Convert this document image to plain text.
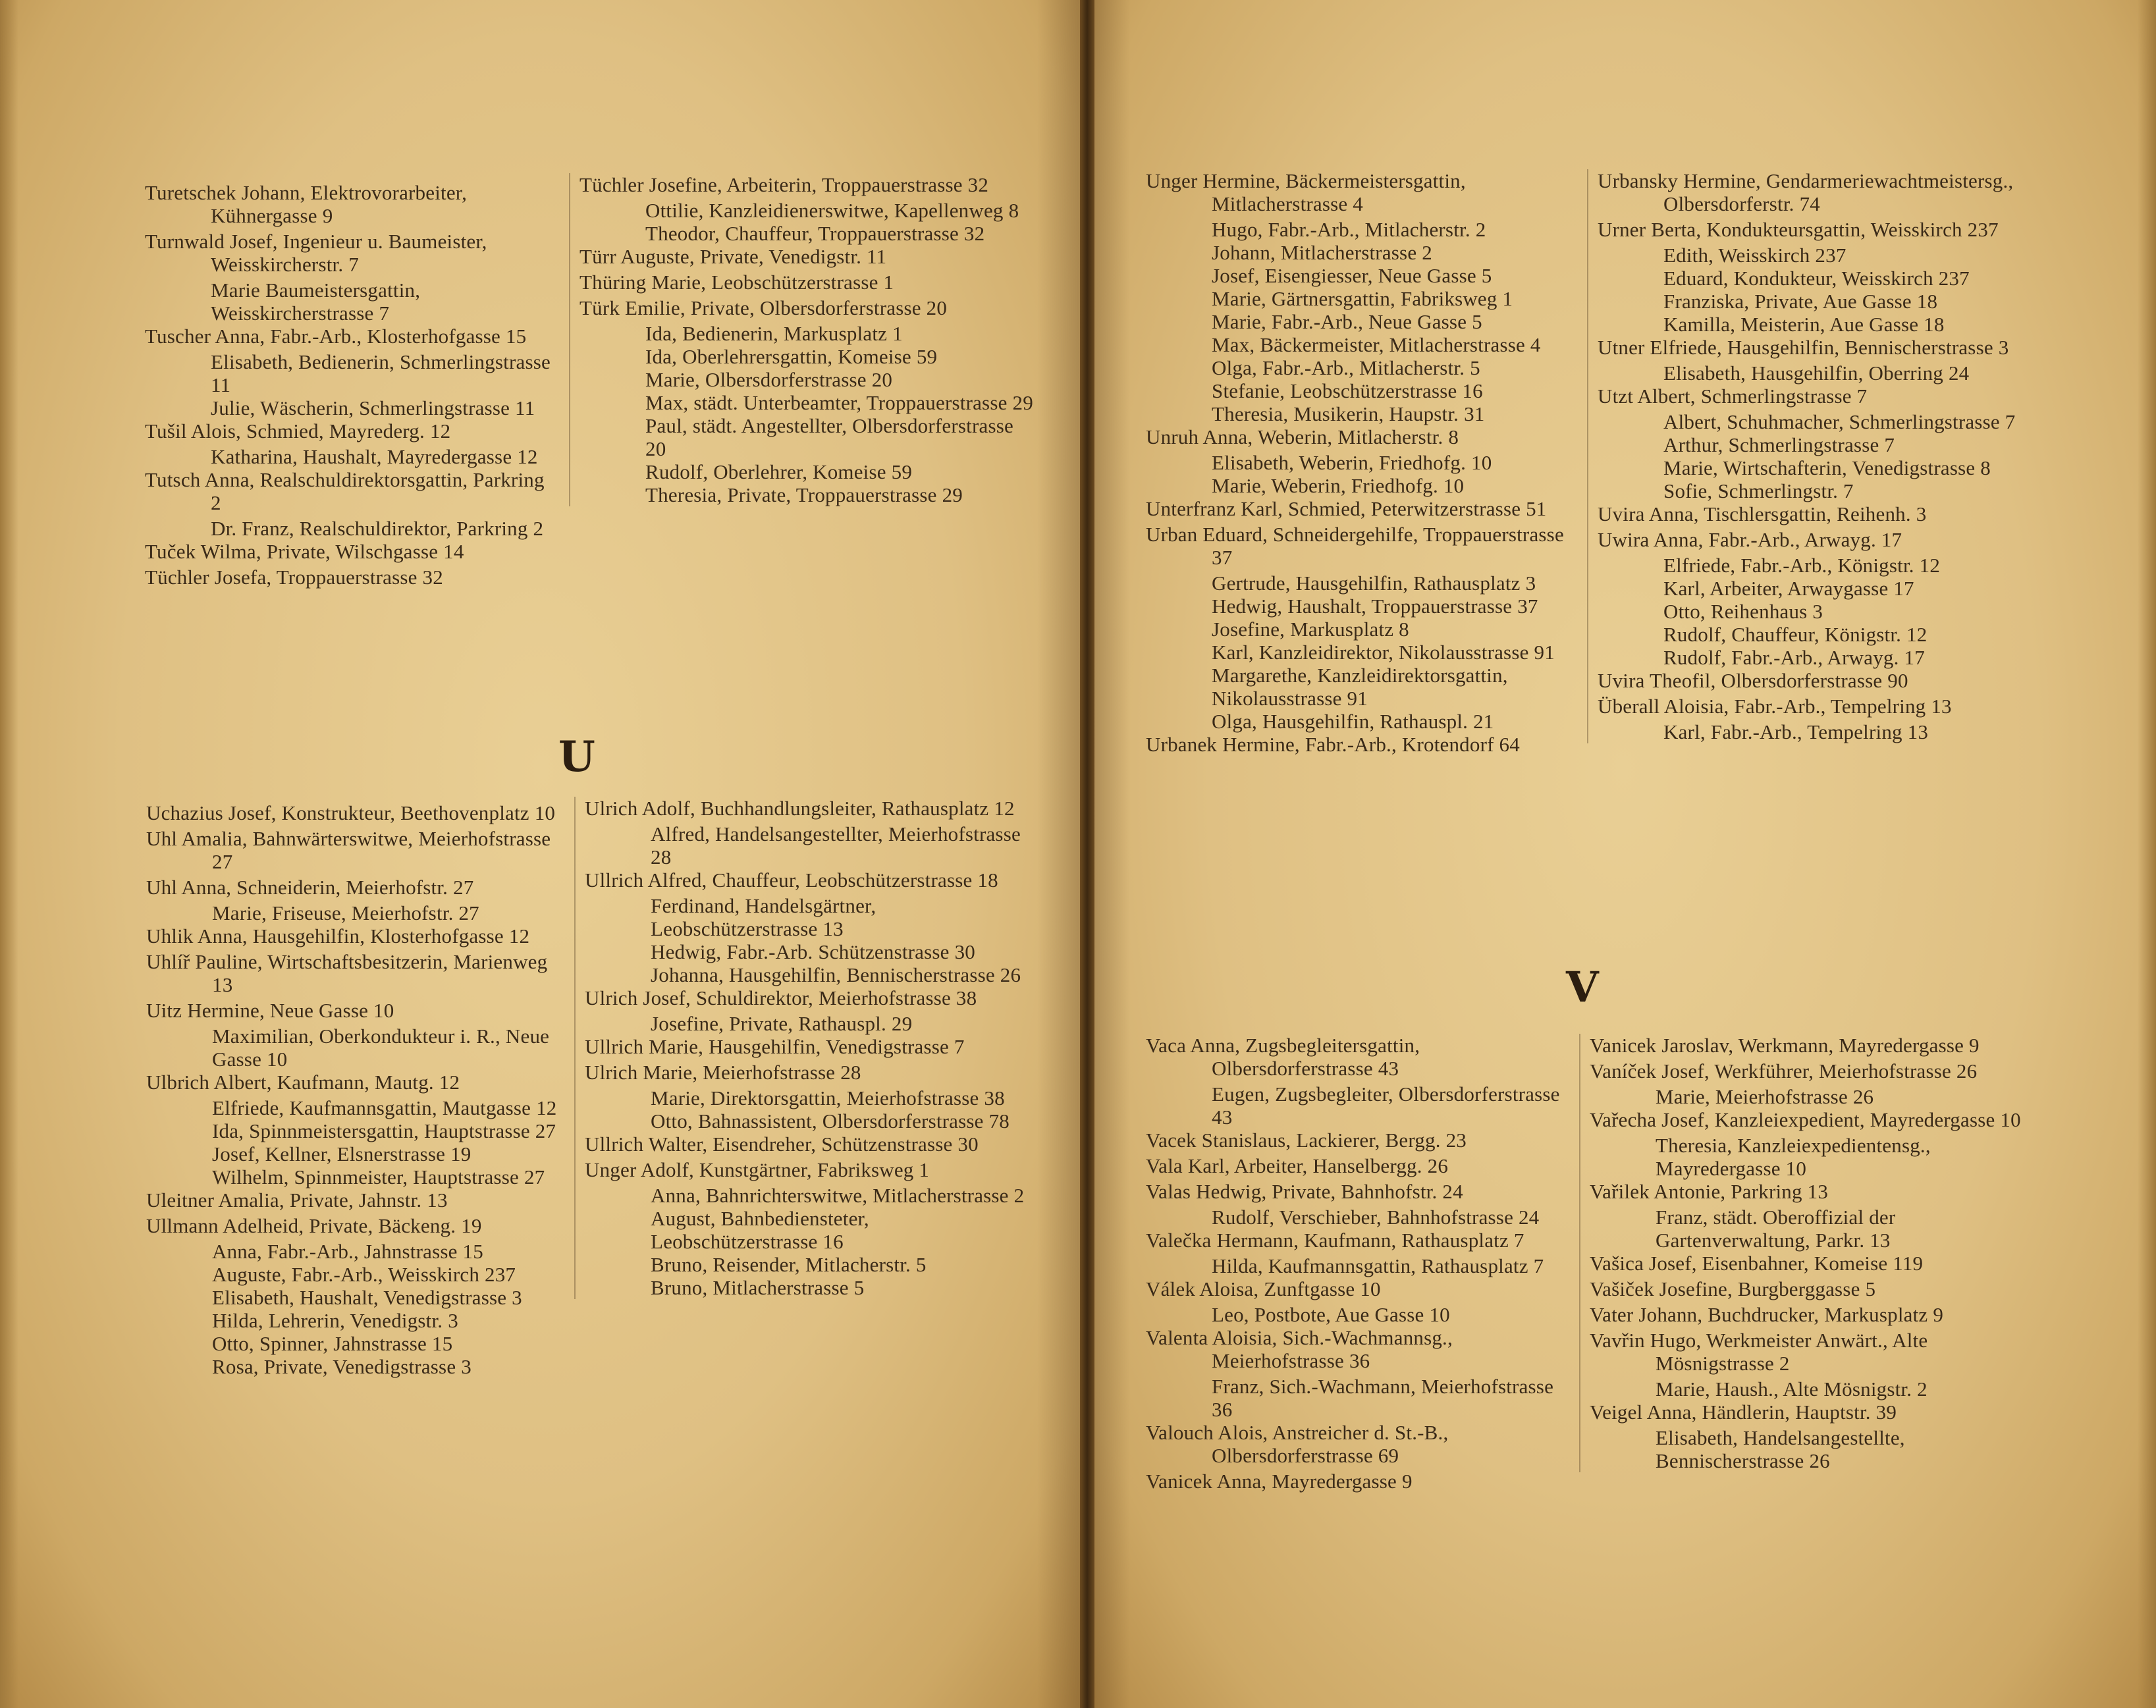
Turetschek Johann, Elektrovorarbeiter, Kühnergasse 9
Turnwald Josef, Ingenieur u. Baumeister, Weisskircherstr. 7
Marie Baumeistersgattin, Weisskircherstrasse 7
Tuscher Anna, Fabr.-Arb., Klosterhofgasse 15
Elisabeth, Bedienerin, Schmerlingstrasse 11
Julie, Wäscherin, Schmerlingstrasse 11
Tušil Alois, Schmied, Mayrederg. 12
Katharina, Haushalt, Mayredergasse 12
Tutsch Anna, Realschuldirektorsgattin, Parkring 2
Dr. Franz, Realschuldirektor, Parkring 2
Tuček Wilma, Private, Wilschgasse 14
Tüchler Josefa, Troppauerstrasse 32
Tüchler Josefine, Arbeiterin, Troppauerstrasse 32
Ottilie, Kanzleidienerswitwe, Kapellenweg 8
Theodor, Chauffeur, Troppauerstrasse 32
Türr Auguste, Private, Venedigstr. 11
Thüring Marie, Leobschützerstrasse 1
Türk Emilie, Private, Olbersdorferstrasse 20
Ida, Bedienerin, Markusplatz 1
Ida, Oberlehrersgattin, Komeise 59
Marie, Olbersdorferstrasse 20
Max, städt. Unterbeamter, Troppauerstrasse 29
Paul, städt. Angestellter, Olbersdorferstrasse 20
Rudolf, Oberlehrer, Komeise 59
Theresia, Private, Troppauerstrasse 29
Unger Hermine, Bäckermeistersgattin, Mitlacherstrasse 4
Hugo, Fabr.-Arb., Mitlacherstr. 2
Johann, Mitlacherstrasse 2
Josef, Eisengiesser, Neue Gasse 5
Marie, Gärtnersgattin, Fabriksweg 1
Marie, Fabr.-Arb., Neue Gasse 5
Max, Bäckermeister, Mitlacherstrasse 4
Olga, Fabr.-Arb., Mitlacherstr. 5
Stefanie, Leobschützerstrasse 16
Theresia, Musikerin, Haupstr. 31
Unruh Anna, Weberin, Mitlacherstr. 8
Elisabeth, Weberin, Friedhofg. 10
Marie, Weberin, Friedhofg. 10
Unterfranz Karl, Schmied, Peterwitzerstrasse 51
Urban Eduard, Schneidergehilfe, Troppauerstrasse 37
Gertrude, Hausgehilfin, Rathausplatz 3
Hedwig, Haushalt, Troppauerstrasse 37
Josefine, Markusplatz 8
Karl, Kanzleidirektor, Nikolausstrasse 91
Margarethe, Kanzleidirektorsgattin, Nikolausstrasse 91
Olga, Hausgehilfin, Rathauspl. 21
Urbanek Hermine, Fabr.-Arb., Krotendorf 64
Urbansky Hermine, Gendarmeriewachtmeistersg., Olbersdorferstr. 74
Urner Berta, Kondukteursgattin, Weisskirch 237
Edith, Weisskirch 237
Eduard, Kondukteur, Weisskirch 237
Franziska, Private, Aue Gasse 18
Kamilla, Meisterin, Aue Gasse 18
Utner Elfriede, Hausgehilfin, Bennischerstrasse 3
Elisabeth, Hausgehilfin, Oberring 24
Utzt Albert, Schmerlingstrasse 7
Albert, Schuhmacher, Schmerlingstrasse 7
Arthur, Schmerlingstrasse 7
Marie, Wirtschafterin, Venedigstrasse 8
Sofie, Schmerlingstr. 7
Uvira Anna, Tischlersgattin, Reihenh. 3
Uwira Anna, Fabr.-Arb., Arwayg. 17
Elfriede, Fabr.-Arb., Königstr. 12
Karl, Arbeiter, Arwaygasse 17
Otto, Reihenhaus 3
Rudolf, Chauffeur, Königstr. 12
Rudolf, Fabr.-Arb., Arwayg. 17
Uvira Theofil, Olbersdorferstrasse 90
Überall Aloisia, Fabr.-Arb., Tempelring 13
Karl, Fabr.-Arb., Tempelring 13
U
Uchazius Josef, Konstrukteur, Beethovenplatz 10
Uhl Amalia, Bahnwärterswitwe, Meierhofstrasse 27
Uhl Anna, Schneiderin, Meierhofstr. 27
Marie, Friseuse, Meierhofstr. 27
Uhlik Anna, Hausgehilfin, Klosterhofgasse 12
Uhlíř Pauline, Wirtschaftsbesitzerin, Marienweg 13
Uitz Hermine, Neue Gasse 10
Maximilian, Oberkondukteur i. R., Neue Gasse 10
Ulbrich Albert, Kaufmann, Mautg. 12
Elfriede, Kaufmannsgattin, Mautgasse 12
Ida, Spinnmeistersgattin, Hauptstrasse 27
Josef, Kellner, Elsnerstrasse 19
Wilhelm, Spinnmeister, Hauptstrasse 27
Uleitner Amalia, Private, Jahnstr. 13
Ullmann Adelheid, Private, Bäckeng. 19
Anna, Fabr.-Arb., Jahnstrasse 15
Auguste, Fabr.-Arb., Weisskirch 237
Elisabeth, Haushalt, Venedigstrasse 3
Hilda, Lehrerin, Venedigstr. 3
Otto, Spinner, Jahnstrasse 15
Rosa, Private, Venedigstrasse 3
Ulrich Adolf, Buchhandlungsleiter, Rathausplatz 12
Alfred, Handelsangestellter, Meierhofstrasse 28
Ullrich Alfred, Chauffeur, Leobschützerstrasse 18
Ferdinand, Handelsgärtner, Leobschützerstrasse 13
Hedwig, Fabr.-Arb. Schützenstrasse 30
Johanna, Hausgehilfin, Bennischerstrasse 26
Ulrich Josef, Schuldirektor, Meierhofstrasse 38
Josefine, Private, Rathauspl. 29
Ullrich Marie, Hausgehilfin, Venedigstrasse 7
Ulrich Marie, Meierhofstrasse 28
Marie, Direktorsgattin, Meierhofstrasse 38
Otto, Bahnassistent, Olbersdorferstrasse 78
Ullrich Walter, Eisendreher, Schützenstrasse 30
Unger Adolf, Kunstgärtner, Fabriksweg 1
Anna, Bahnrichterswitwe, Mitlacherstrasse 2
August, Bahnbediensteter, Leobschützerstrasse 16
Bruno, Reisender, Mitlacherstr. 5
Bruno, Mitlacherstrasse 5
V
Vaca Anna, Zugsbegleitersgattin, Olbersdorferstrasse 43
Eugen, Zugsbegleiter, Olbersdorferstrasse 43
Vacek Stanislaus, Lackierer, Bergg. 23
Vala Karl, Arbeiter, Hanselbergg. 26
Valas Hedwig, Private, Bahnhofstr. 24
Rudolf, Verschieber, Bahnhofstrasse 24
Valečka Hermann, Kaufmann, Rathausplatz 7
Hilda, Kaufmannsgattin, Rathausplatz 7
Válek Aloisa, Zunftgasse 10
Leo, Postbote, Aue Gasse 10
Valenta Aloisia, Sich.-Wachmannsg., Meierhofstrasse 36
Franz, Sich.-Wachmann, Meierhofstrasse 36
Valouch Alois, Anstreicher d. St.-B., Olbersdorferstrasse 69
Vanicek Anna, Mayredergasse 9
Vanicek Jaroslav, Werkmann, Mayredergasse 9
Vaníček Josef, Werkführer, Meierhofstrasse 26
Marie, Meierhofstrasse 26
Vařecha Josef, Kanzleiexpedient, Mayredergasse 10
Theresia, Kanzleiexpedientensg., Mayredergasse 10
Vařilek Antonie, Parkring 13
Franz, städt. Oberoffizial der Gartenverwaltung, Parkr. 13
Vašica Josef, Eisenbahner, Komeise 119
Vašiček Josefine, Burgberggasse 5
Vater Johann, Buchdrucker, Markusplatz 9
Vavřin Hugo, Werkmeister Anwärt., Alte Mösnigstrasse 2
Marie, Haush., Alte Mösnigstr. 2
Veigel Anna, Händlerin, Hauptstr. 39
Elisabeth, Handelsangestellte, Bennischerstrasse 26
